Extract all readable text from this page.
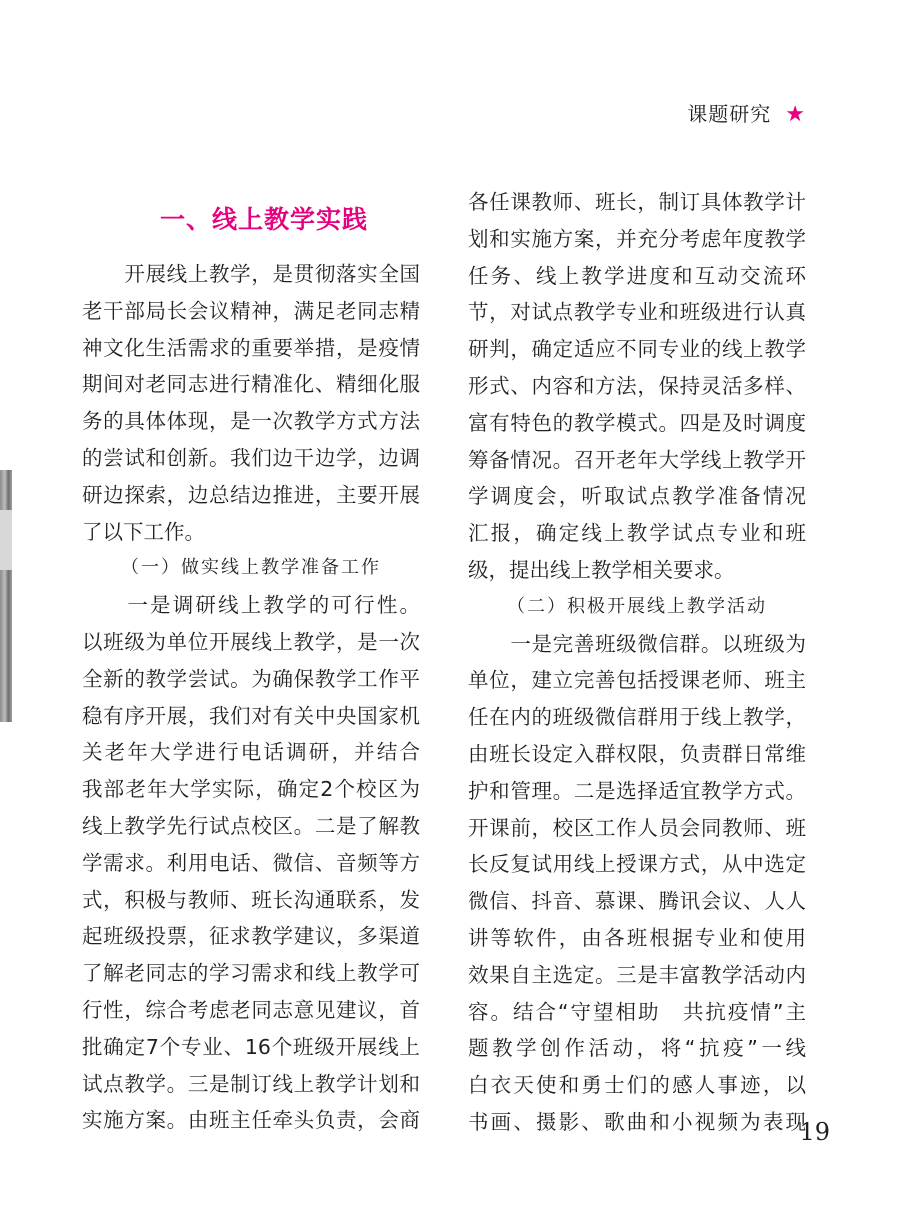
课题研究 ★
一、线上教学实践

　　开展线上教学，是贯彻落实全国

老干部局长会议精神，满足老同志精

神文化生活需求的重要举措，是疫情

期间对老同志进行精准化、精细化服

务的具体体现，是一次教学方式方法

的尝试和创新。我们边干边学，边调

研边探索，边总结边推进，主要开展

了以下工作。

（一）做实线上教学准备工作

　　一是调研线上教学的可行性。

以班级为单位开展线上教学，是一次

全新的教学尝试。为确保教学工作平

稳有序开展，我们对有关中央国家机

关老年大学进行电话调研，并结合

我部老年大学实际，确定2个校区为

线上教学先行试点校区。二是了解教

学需求。利用电话、微信、音频等方

式，积极与教师、班长沟通联系，发

起班级投票，征求教学建议，多渠道

了解老同志的学习需求和线上教学可

行性，综合考虑老同志意见建议，首

批确定7个专业、16个班级开展线上

试点教学。三是制订线上教学计划和

实施方案。由班主任牵头负责，会商

各任课教师、班长，制订具体教学计

划和实施方案，并充分考虑年度教学

任务、线上教学进度和互动交流环

节，对试点教学专业和班级进行认真

研判，确定适应不同专业的线上教学

形式、内容和方法，保持灵活多样、

富有特色的教学模式。四是及时调度

筹备情况。召开老年大学线上教学开

学调度会，听取试点教学准备情况

汇报，确定线上教学试点专业和班

级，提出线上教学相关要求。

（二）积极开展线上教学活动

　　一是完善班级微信群。以班级为

单位，建立完善包括授课老师、班主

任在内的班级微信群用于线上教学，

由班长设定入群权限，负责群日常维

护和管理。二是选择适宜教学方式。

开课前，校区工作人员会同教师、班

长反复试用线上授课方式，从中选定

微信、抖音、慕课、腾讯会议、人人

讲等软件，由各班根据专业和使用

效果自主选定。三是丰富教学活动内

容。结合“守望相助　共抗疫情”主

题教学创作活动，将“抗疫”一线

白衣天使和勇士们的感人事迹，以

书画、摄影、歌曲和小视频为表现

19
